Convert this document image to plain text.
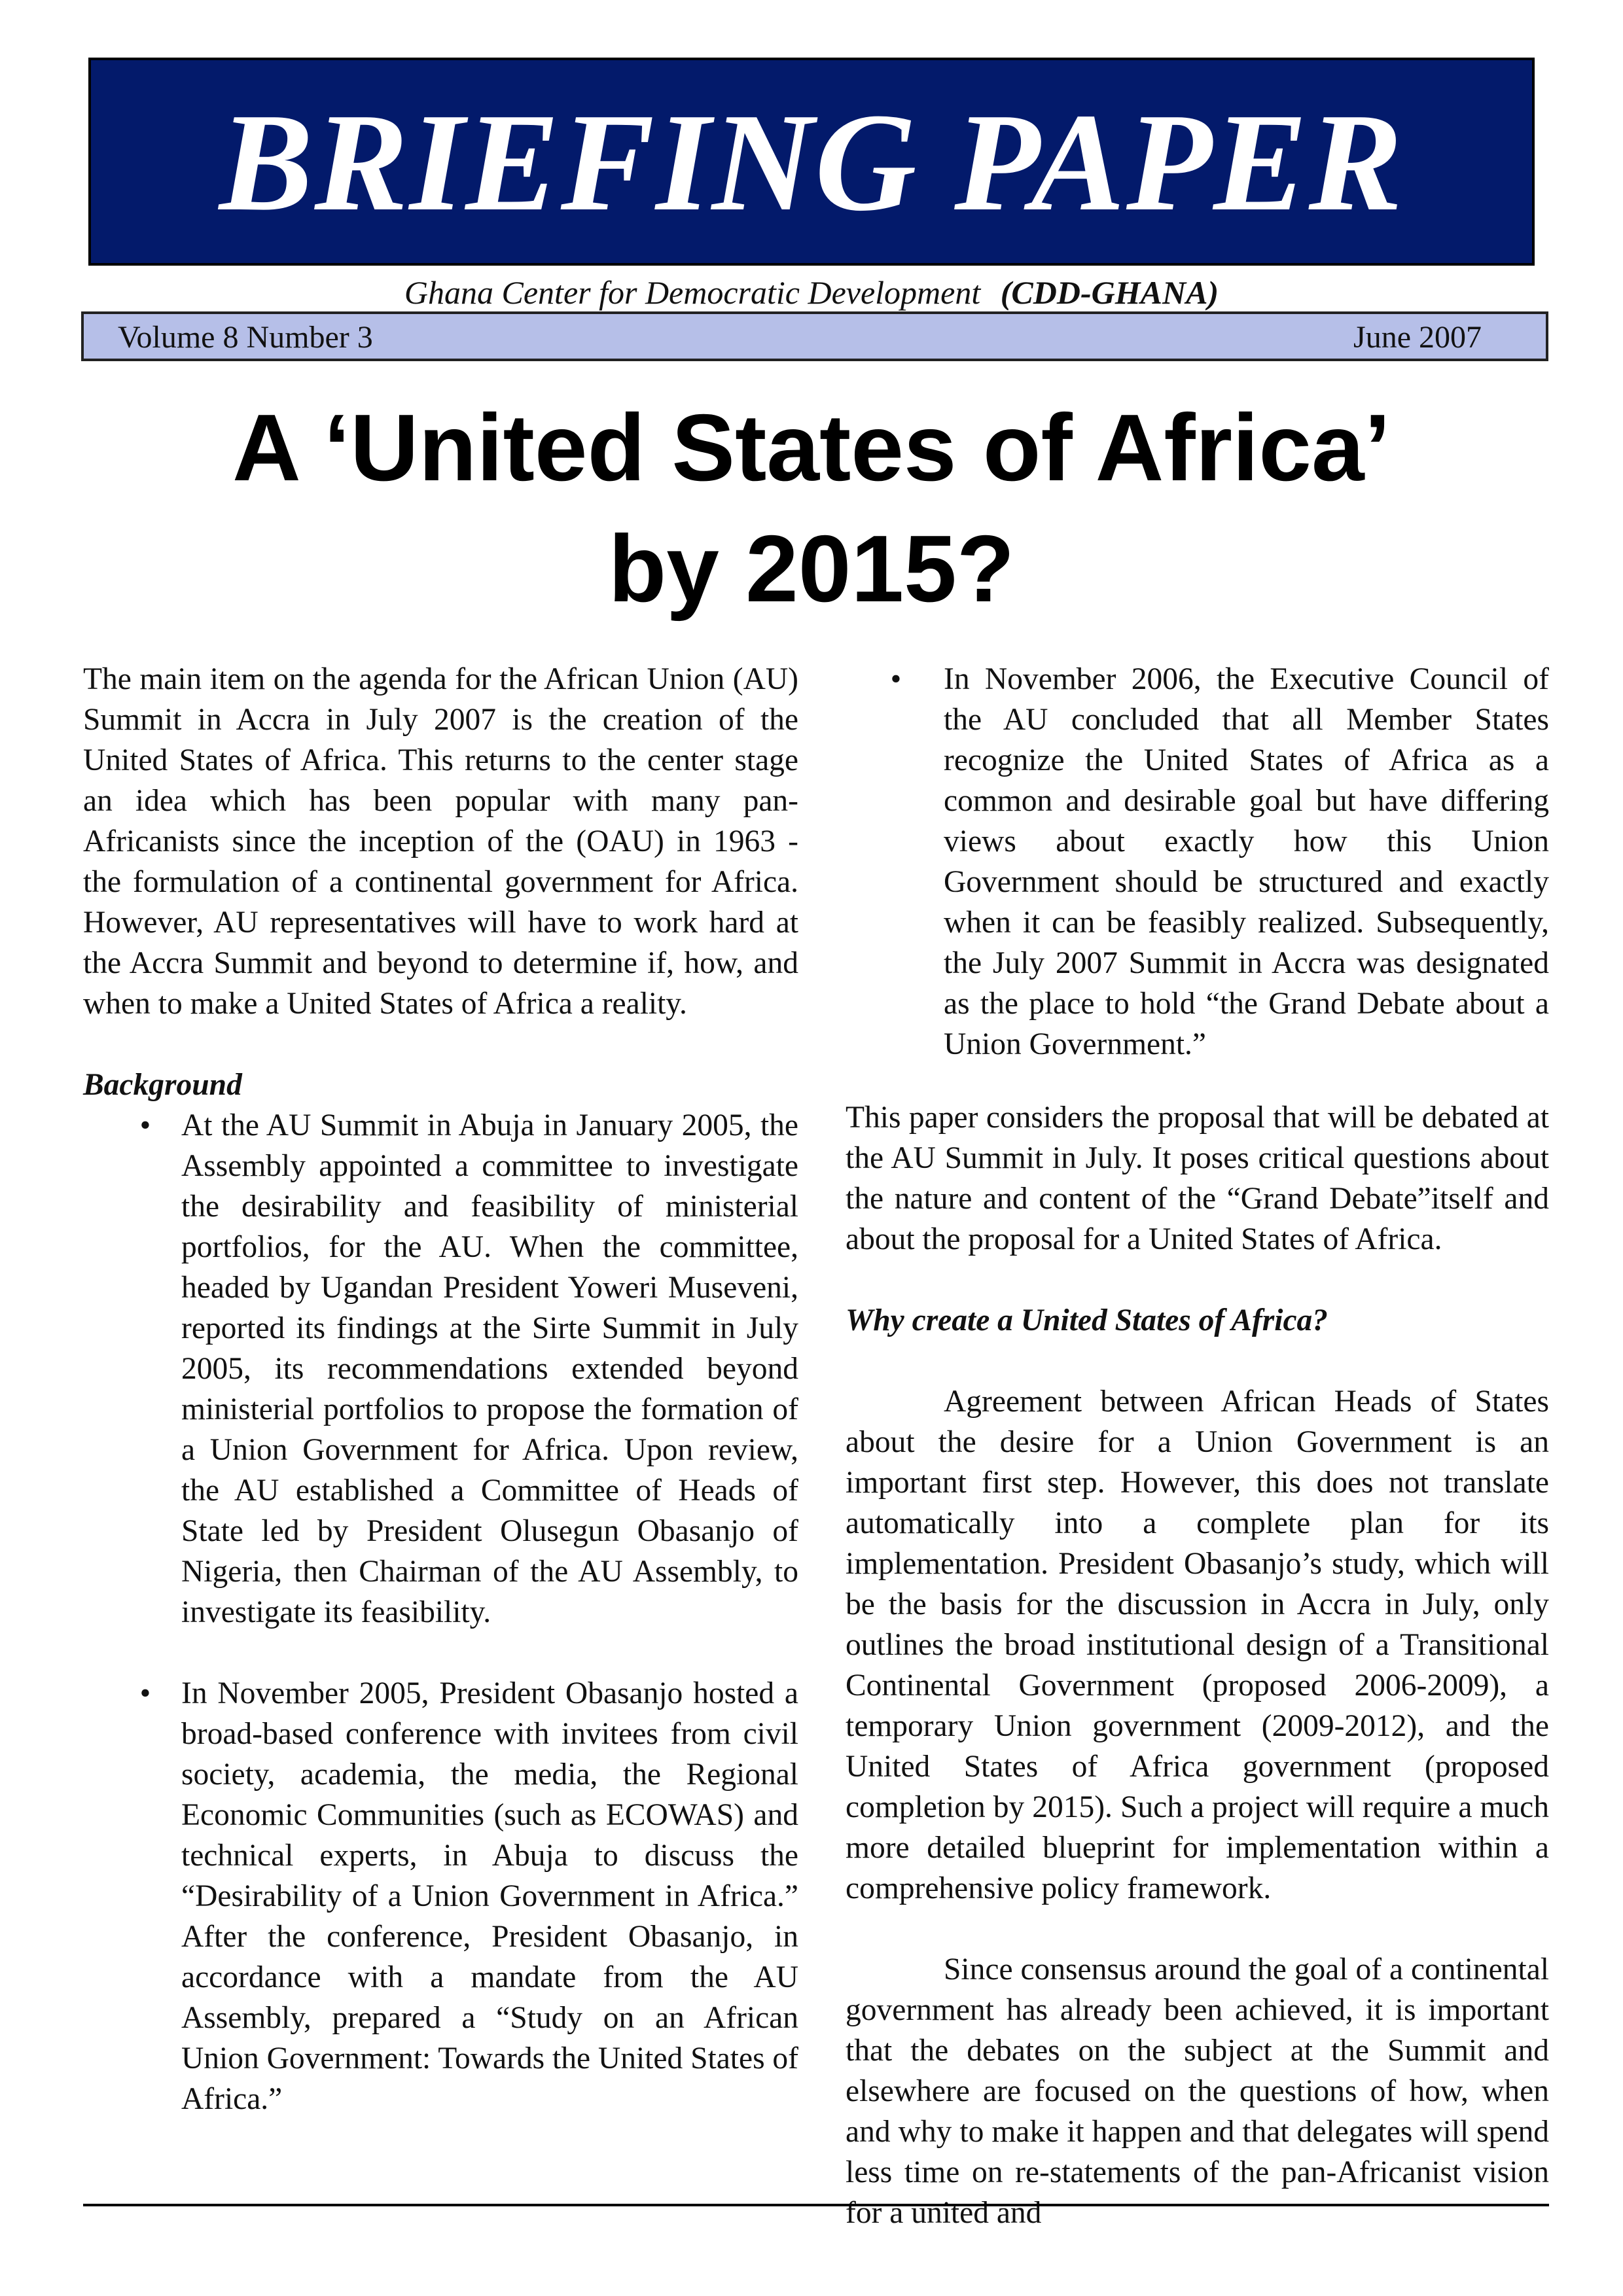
BRIEFING PAPER
Ghana Center for Democratic Development (CDD-GHANA)
Volume 8 Number 3	June 2007
A ‘United States of Africa’
by 2015?

The main item on the agenda for the African Union (AU) Summit in Accra in July 2007 is the creation of the United States of Africa. This returns to the center stage an idea which has been popular with many pan-Africanists since the inception of the (OAU) in 1963 - the formulation of a continental government for Africa. However, AU representatives will have to work hard at the Accra Summit and beyond to determine if, how, and when to make a United States of Africa a reality.

Background

• At the AU Summit in Abuja in January 2005, the Assembly appointed a committee to investigate the desirability and feasibility of ministerial portfolios, for the AU. When the committee, headed by Ugandan President Yoweri Museveni, reported its findings at the Sirte Summit in July 2005, its recommendations extended beyond ministerial portfolios to propose the formation of a Union Government for Africa. Upon review, the AU established a Committee of Heads of State led by President Olusegun Obasanjo of Nigeria, then Chairman of the AU Assembly, to investigate its feasibility.
• In November 2005, President Obasanjo hosted a broad-based conference with invitees from civil society, academia, the media, the Regional Economic Communities (such as ECOWAS) and technical experts, in Abuja to discuss the “Desirability of a Union Government in Africa.” After the conference, President Obasanjo, in accordance with a mandate from the AU Assembly, prepared a “Study on an African Union Government: Towards the United States of Africa.”
• In November 2006, the Executive Council of the AU concluded that all Member States recognize the United States of Africa as a common and desirable goal but have differing views about exactly how this Union Government should be structured and exactly when it can be feasibly realized. Subsequently, the July 2007 Summit in Accra was designated as the place to hold “the Grand Debate about a Union Government.”

This paper considers the proposal that will be debated at the AU Summit in July. It poses critical questions about the nature and content of the “Grand Debate”itself and about the proposal for a United States of Africa.

Why create a United States of Africa?

Agreement between African Heads of States about the desire for a Union Government is an important first step. However, this does not translate automatically into a complete plan for its implementation. President Obasanjo’s study, which will be the basis for the discussion in Accra in July, only outlines the broad institutional design of a Transitional Continental Government (proposed 2006-2009), a temporary Union government (2009-2012), and the United States of Africa government (proposed completion by 2015). Such a project will require a much more detailed blueprint for implementation within a comprehensive policy framework.

Since consensus around the goal of a continental government has already been achieved, it is important that the debates on the subject at the Summit and elsewhere are focused on the questions of how, when and why to make it happen and that delegates will spend less time on re-statements of the pan-Africanist vision for a united and
